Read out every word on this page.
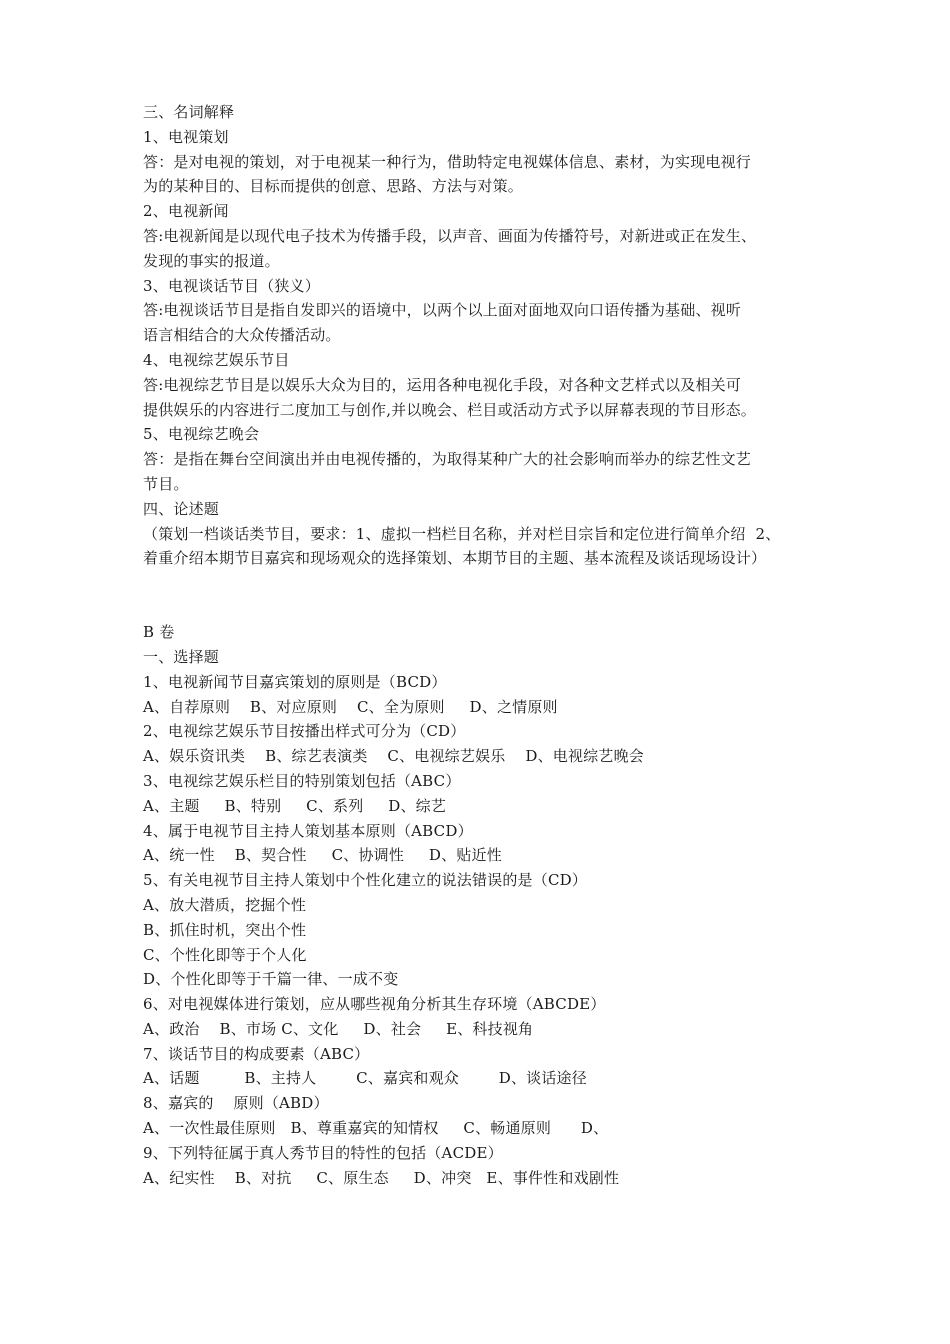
三、名词解释
1、电视策划
答：是对电视的策划，对于电视某一种行为，借助特定电视媒体信息、素材，为实现电视行
为的某种目的、目标而提供的创意、思路、方法与对策。
2、电视新闻
答:电视新闻是以现代电子技术为传播手段，以声音、画面为传播符号，对新进或正在发生、
发现的事实的报道。
3、电视谈话节目（狭义）
答:电视谈话节目是指自发即兴的语境中，以两个以上面对面地双向口语传播为基础、视听
语言相结合的大众传播活动。
4、电视综艺娱乐节目
答:电视综艺节目是以娱乐大众为目的，运用各种电视化手段，对各种文艺样式以及相关可
提供娱乐的内容进行二度加工与创作,并以晚会、栏目或活动方式予以屏幕表现的节目形态。
5、电视综艺晚会
答：是指在舞台空间演出并由电视传播的，为取得某种广大的社会影响而举办的综艺性文艺
节目。
四、论述题
（策划一档谈话类节目，要求：1、虚拟一档栏目名称，并对栏目宗旨和定位进行简单介绍  2、
着重介绍本期节目嘉宾和现场观众的选择策划、本期节目的主题、基本流程及谈话现场设计）
B 卷
一、选择题
1、电视新闻节目嘉宾策划的原则是（BCD）
A、自荐原则    B、对应原则    C、全为原则     D、之情原则
2、电视综艺娱乐节目按播出样式可分为（CD）
A、娱乐资讯类    B、综艺表演类    C、电视综艺娱乐    D、电视综艺晚会
3、电视综艺娱乐栏目的特别策划包括（ABC）
A、主题     B、特别     C、系列     D、综艺
4、属于电视节目主持人策划基本原则（ABCD）
A、统一性    B、契合性     C、协调性     D、贴近性
5、有关电视节目主持人策划中个性化建立的说法错误的是（CD）
A、放大潜质，挖掘个性
B、抓住时机，突出个性
C、个性化即等于个人化
D、个性化即等于千篇一律、一成不变
6、对电视媒体进行策划，应从哪些视角分析其生存环境（ABCDE）
A、政治    B、市场 C、文化     D、社会     E、科技视角
7、谈话节目的构成要素（ABC）
A、话题         B、主持人        C、嘉宾和观众        D、谈话途径
8、嘉宾的    原则（ABD）
A、一次性最佳原则   B、尊重嘉宾的知情权     C、畅通原则      D、
9、下列特征属于真人秀节目的特性的包括（ACDE）
A、纪实性    B、对抗     C、原生态     D、冲突   E、事件性和戏剧性
